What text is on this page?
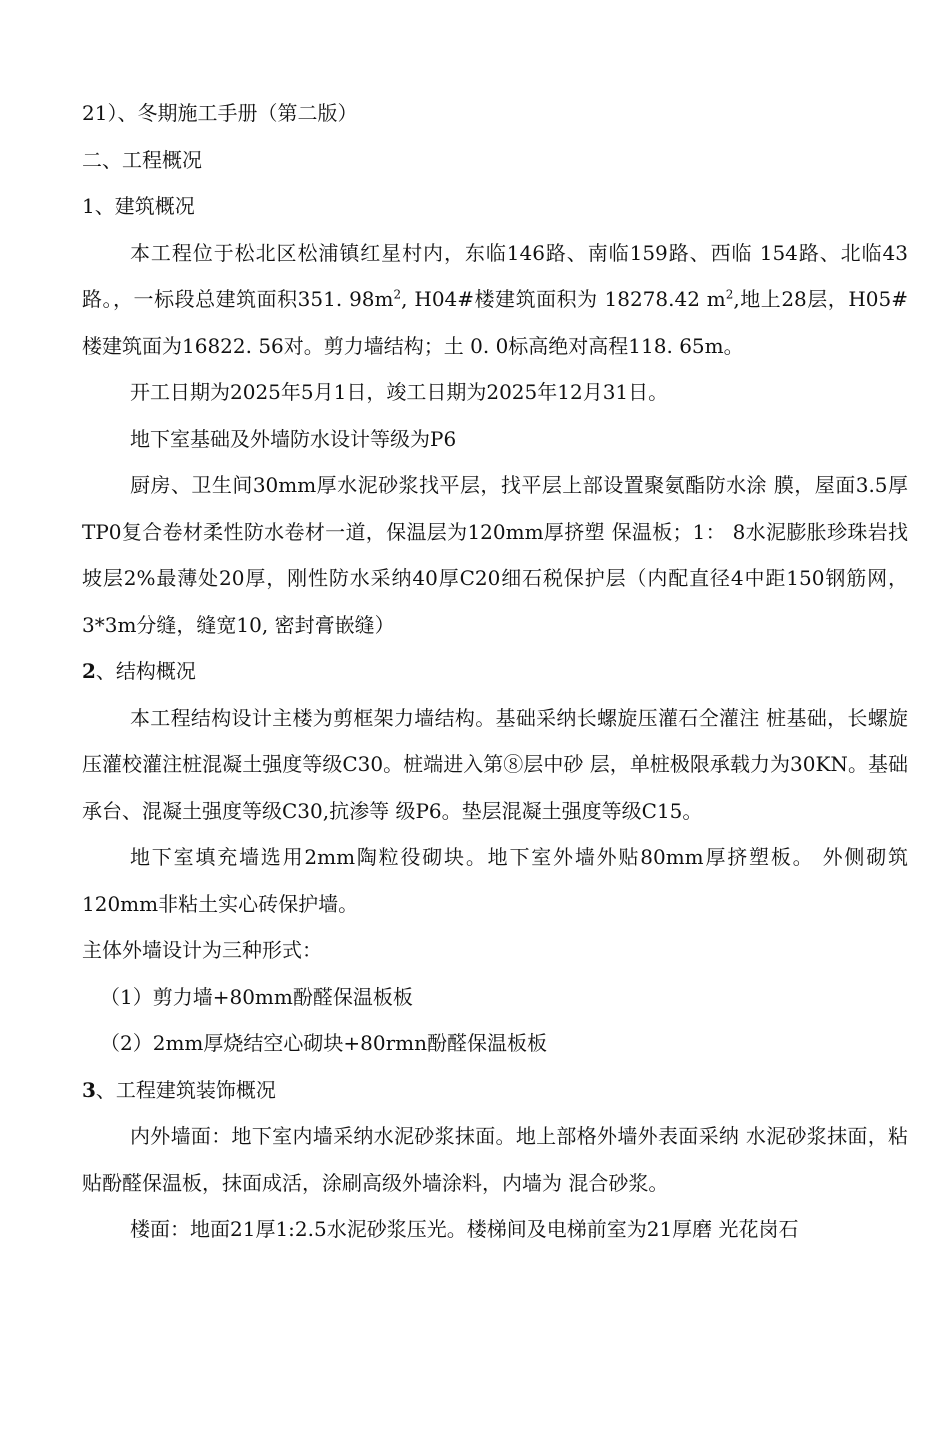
21）、冬期施工手册（第二版）

二、工程概况

1、建筑概况

本工程位于松北区松浦镇红星村内，东临146路、南临159路、西临 154路、北临43路。，一标段总建筑面积351. $98m^2$, H04#楼建筑面积为 18278.42 $m^2$,地上28层，H05#楼建筑面为16822. 56对。剪力墙结构；土 0. 0标高绝对高程118. 65m。

开工日期为2025年5月1日，竣工日期为2025年12月31日。

地下室基础及外墙防水设计等级为P6

厨房、卫生间30mm厚水泥砂浆找平层，找平层上部设置聚氨酯防水涂 膜，屋面3.5厚TP0复合卷材柔性防水卷材一道，保温层为120mm厚挤塑 保温板；1： 8水泥膨胀珍珠岩找坡层2%最薄处20厚，刚性防水采纳40厚C20细石税保护层（内配直径4中距150钢筋网，3*3m分缝，缝宽10, 密封膏嵌缝）

2、结构概况

本工程结构设计主楼为剪框架力墙结构。基础采纳长螺旋压灌石仝灌注 桩基础，长螺旋压灌校灌注桩混凝土强度等级C30。桩端进入第⑧层中砂 层，单桩极限承载力为30KN。基础承台、混凝土强度等级C30,抗渗等 级P6。垫层混凝土强度等级C15。

地下室填充墙选用2mm陶粒役砌块。地下室外墙外贴80mm厚挤塑板。 外侧砌筑120mm非粘土实心砖保护墙。

主体外墙设计为三种形式：

（1）剪力墙+80mm酚醛保温板板

（2）2mm厚烧结空心砌块+80rmn酚醛保温板板

3、工程建筑装饰概况

内外墙面：地下室内墙采纳水泥砂浆抹面。地上部格外墙外表面采纳 水泥砂浆抹面，粘贴酚醛保温板，抹面成活，涂刷高级外墙涂料，内墙为 混合砂浆。

楼面：地面21厚1:2.5水泥砂浆压光。楼梯间及电梯前室为21厚磨 光花岗石
